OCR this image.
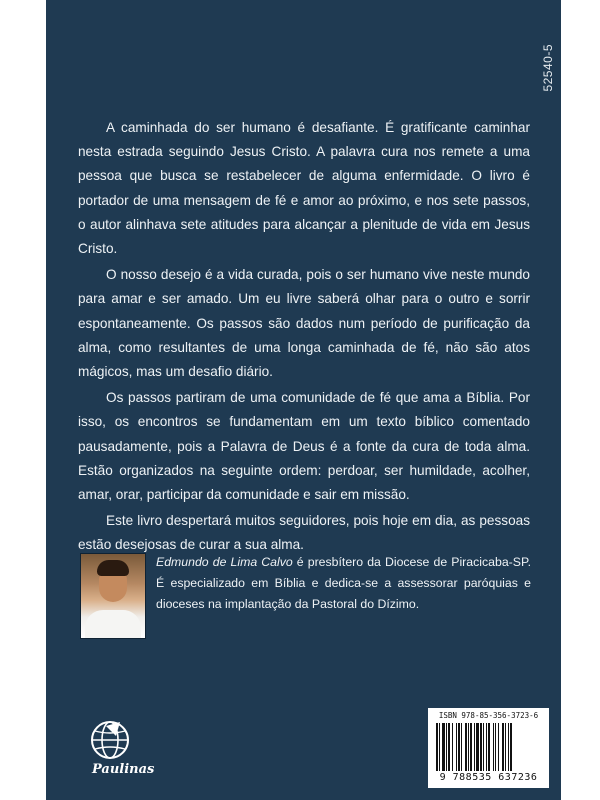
52540-5

A caminhada do ser humano é desafiante. É gratificante caminhar nesta estrada seguindo Jesus Cristo. A palavra cura nos remete a uma pessoa que busca se restabelecer de alguma enfermidade. O livro é portador de uma mensagem de fé e amor ao próximo, e nos sete passos, o autor alinhava sete atitudes para alcançar a plenitude de vida em Jesus Cristo.

O nosso desejo é a vida curada, pois o ser humano vive neste mundo para amar e ser amado. Um eu livre saberá olhar para o outro e sorrir espontaneamente. Os passos são dados num período de purificação da alma, como resultantes de uma longa caminhada de fé, não são atos mágicos, mas um desafio diário.

Os passos partiram de uma comunidade de fé que ama a Bíblia. Por isso, os encontros se fundamentam em um texto bíblico comentado pausadamente, pois a Palavra de Deus é a fonte da cura de toda alma. Estão organizados na seguinte ordem: perdoar, ser humildade, acolher, amar, orar, participar da comunidade e sair em missão.

Este livro despertará muitos seguidores, pois hoje em dia, as pessoas estão desejosas de curar a sua alma.

Edmundo de Lima Calvo é presbítero da Diocese de Piracicaba-SP. É especializado em Bíblia e dedica-se a assessorar paróquias e dioceses na implantação da Pastoral do Dízimo.
Paulinas
ISBN 978-85-356-3723-6
9 788535 637236
